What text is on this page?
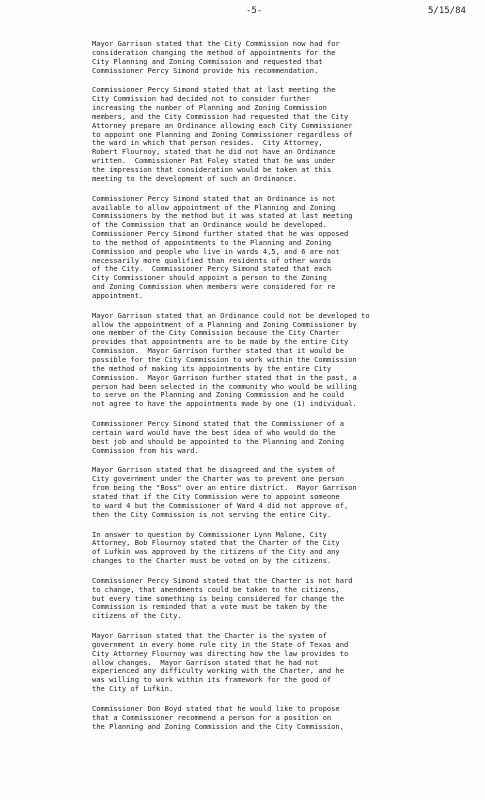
-5-	5/15/84
Mayor Garrison stated that the City Commission now had for
consideration changing the method of appointments for the
City Planning and Zoning Commission and requested that
Commissioner Percy Simond provide his recommendation.
Commissioner Percy Simond stated that at last meeting the
City Commission had decided not to consider further
increasing the number of Planning and Zoning Commission
members, and the City Commission had requested that the City
Attorney prepare an Ordinance allowing each City Commissioner
to appoint one Planning and Zoning Commissioner regardless of
the ward in which that person resides.  City Attorney,
Robert Flournoy, stated that he did not have an Ordinance
written.  Commissioner Pat Foley stated that he was under
the impression that consideration would be taken at this
meeting to the development of such an Ordinance.
Commissioner Percy Simond stated that an Ordinance is not
available to allow appointment of the Planning and Zoning
Commissioners by the method but it was stated at last meeting
of the Commission that an Ordinance would be developed.
Commissioner Percy Simond further stated that he was opposed
to the method of appointments to the Planning and Zoning
Commission and people who live in wards 4,5, and 6 are not
necessarily more qualified than residents of other wards
of the City.  Commissioner Percy Simond stated that each
City Commissioner should appoint a person to the Zoning
and Zoning Commission when members were considered for re
appointment.
Mayor Garrison stated that an Ordinance could not be developed to
allow the appointment of a Planning and Zoning Commissioner by
one member of the City Commission because the City Charter
provides that appointments are to be made by the entire City
Commission.  Mayor Garrison further stated that it would be
possible for the City Commission to work within the Commission
the method of making its appointments by the entire City
Commission.  Mayor Garrison further stated that in the past, a
person had been selected in the community who would be willing
to serve on the Planning and Zoning Commission and he could
not agree to have the appointments made by one (1) individual.
Commissioner Percy Simond stated that the Commissioner of a
certain ward would have the best idea of who would do the
best job and should be appointed to the Planning and Zoning
Commission from his ward.
Mayor Garrison stated that he disagreed and the system of
City government under the Charter was to prevent one person
from being the "Boss" over an entire district.  Mayor Garrison
stated that if the City Commission were to appoint someone
to ward 4 but the Commissioner of Ward 4 did not approve of,
then the City Commission is not serving the entire City.
In answer to question by Commissioner Lynn Malone, City
Attorney, Bob Flournoy stated that the Charter of the City
of Lufkin was approved by the citizens of the City and any
changes to the Charter must be voted on by the citizens.
Commissioner Percy Simond stated that the Charter is not hard
to change, that amendments could be taken to the citizens,
but every time something is being considered for change the
Commission is reminded that a vote must be taken by the
citizens of the City.
Mayor Garrison stated that the Charter is the system of
government in every home rule city in the State of Texas and
City Attorney Flournoy was directing how the law provides to
allow changes.  Mayor Garrison stated that he had not
experienced any difficulty working with the Charter, and he
was willing to work within its framework for the good of
the City of Lufkin.
Commissioner Don Boyd stated that he would like to propose
that a Commissioner recommend a person for a position on
the Planning and Zoning Commission and the City Commission,
